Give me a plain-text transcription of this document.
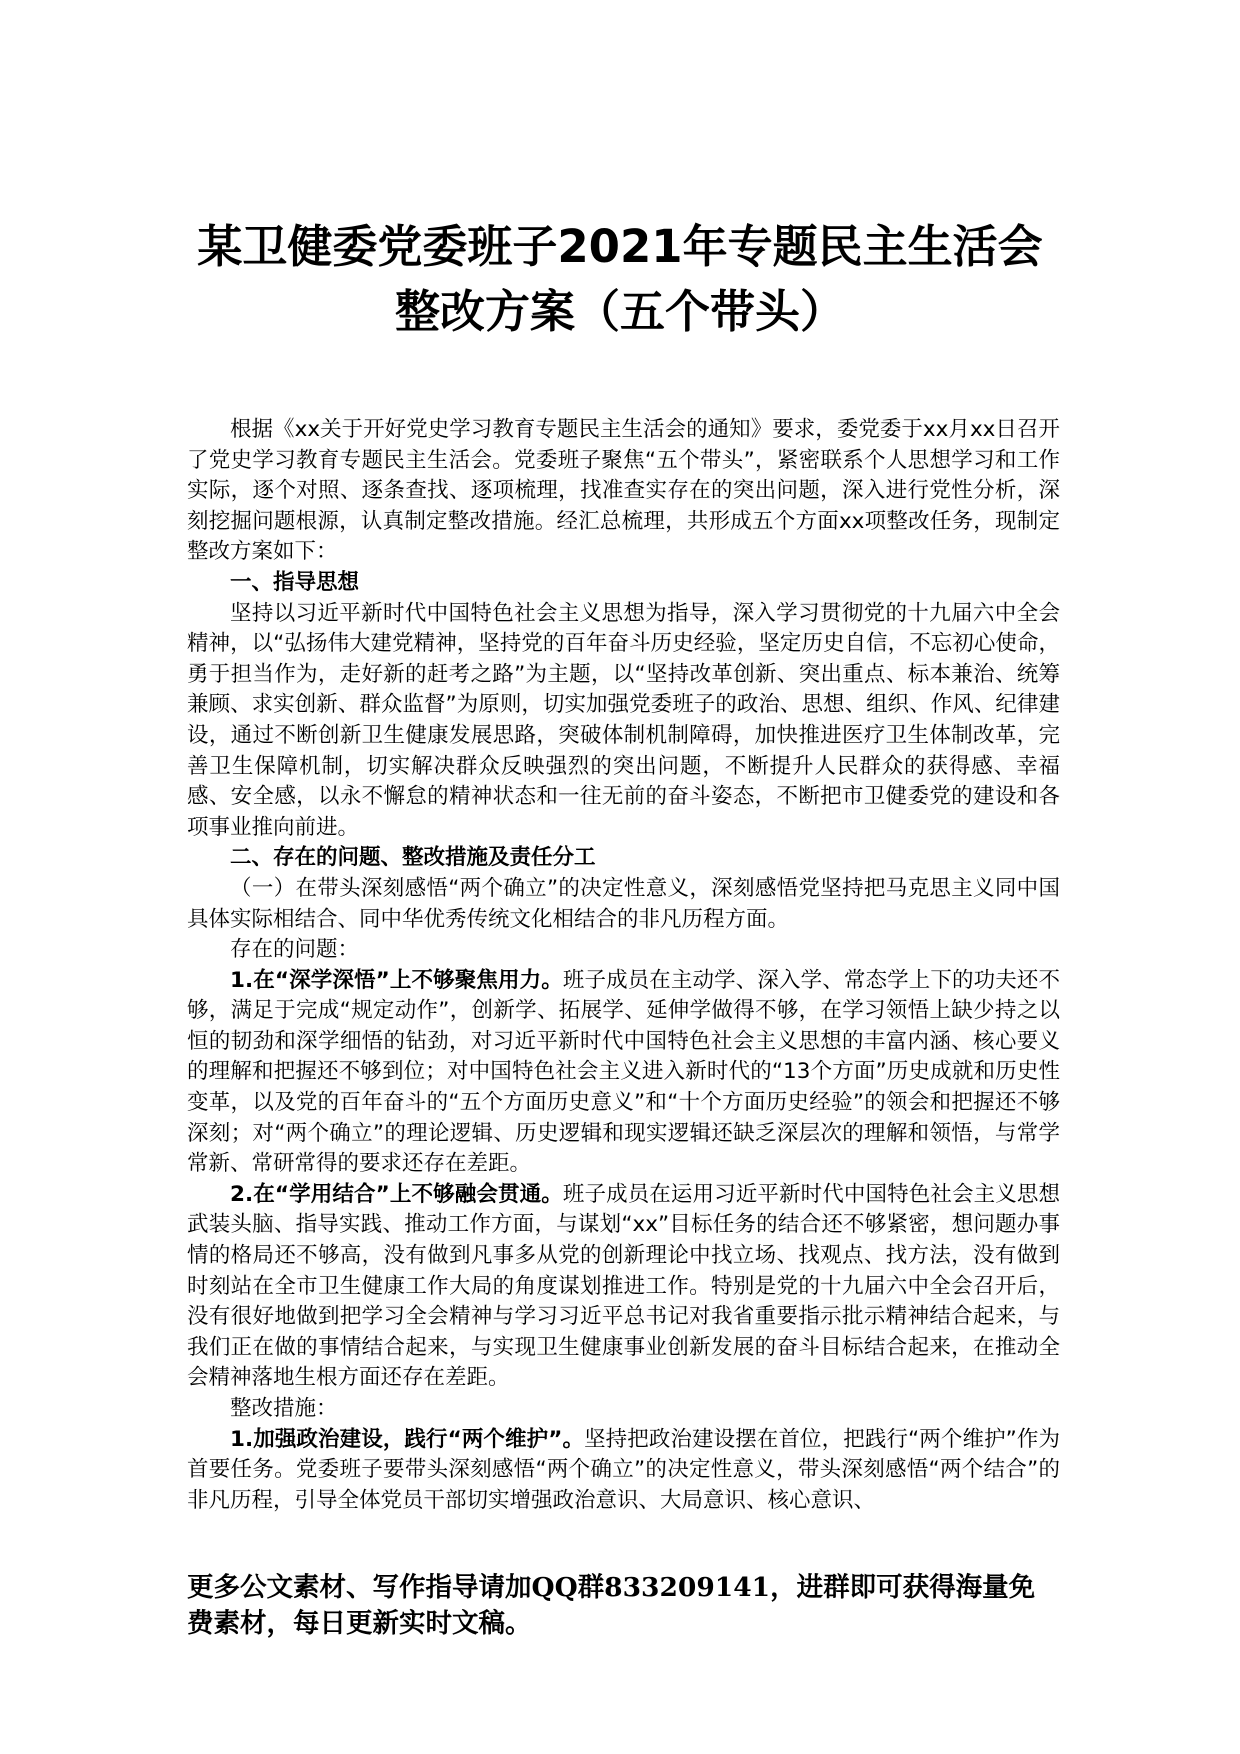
某卫健委党委班子2021年专题民主生活会
整改方案（五个带头）

根据《xx关于开好党史学习教育专题民主生活会的通知》要求，委党委于xx月xx日召开了党史学习教育专题民主生活会。党委班子聚焦“五个带头”，紧密联系个人思想学习和工作实际，逐个对照、逐条查找、逐项梳理，找准查实存在的突出问题，深入进行党性分析，深刻挖掘问题根源，认真制定整改措施。经汇总梳理，共形成五个方面xx项整改任务，现制定整改方案如下：

一、指导思想

坚持以习近平新时代中国特色社会主义思想为指导，深入学习贯彻党的十九届六中全会精神，以“弘扬伟大建党精神，坚持党的百年奋斗历史经验，坚定历史自信，不忘初心使命，勇于担当作为，走好新的赶考之路”为主题，以“坚持改革创新、突出重点、标本兼治、统筹兼顾、求实创新、群众监督”为原则，切实加强党委班子的政治、思想、组织、作风、纪律建设，通过不断创新卫生健康发展思路，突破体制机制障碍，加快推进医疗卫生体制改革，完善卫生保障机制，切实解决群众反映强烈的突出问题，不断提升人民群众的获得感、幸福感、安全感，以永不懈怠的精神状态和一往无前的奋斗姿态，不断把市卫健委党的建设和各项事业推向前进。

二、存在的问题、整改措施及责任分工

（一）在带头深刻感悟“两个确立”的决定性意义，深刻感悟党坚持把马克思主义同中国具体实际相结合、同中华优秀传统文化相结合的非凡历程方面。

存在的问题：

1.在“深学深悟”上不够聚焦用力。班子成员在主动学、深入学、常态学上下的功夫还不够，满足于完成“规定动作”，创新学、拓展学、延伸学做得不够，在学习领悟上缺少持之以恒的韧劲和深学细悟的钻劲，对习近平新时代中国特色社会主义思想的丰富内涵、核心要义的理解和把握还不够到位；对中国特色社会主义进入新时代的“13个方面”历史成就和历史性变革，以及党的百年奋斗的“五个方面历史意义”和“十个方面历史经验”的领会和把握还不够深刻；对“两个确立”的理论逻辑、历史逻辑和现实逻辑还缺乏深层次的理解和领悟，与常学常新、常研常得的要求还存在差距。

2.在“学用结合”上不够融会贯通。班子成员在运用习近平新时代中国特色社会主义思想武装头脑、指导实践、推动工作方面，与谋划“xx”目标任务的结合还不够紧密，想问题办事情的格局还不够高，没有做到凡事多从党的创新理论中找立场、找观点、找方法，没有做到时刻站在全市卫生健康工作大局的角度谋划推进工作。特别是党的十九届六中全会召开后，没有很好地做到把学习全会精神与学习习近平总书记对我省重要指示批示精神结合起来，与我们正在做的事情结合起来，与实现卫生健康事业创新发展的奋斗目标结合起来，在推动全会精神落地生根方面还存在差距。

整改措施：

1.加强政治建设，践行“两个维护”。坚持把政治建设摆在首位，把践行“两个维护”作为首要任务。党委班子要带头深刻感悟“两个确立”的决定性意义，带头深刻感悟“两个结合”的非凡历程，引导全体党员干部切实增强政治意识、大局意识、核心意识、

更多公文素材、写作指导请加QQ群833209141，进群即可获得海量免费素材，每日更新实时文稿。
